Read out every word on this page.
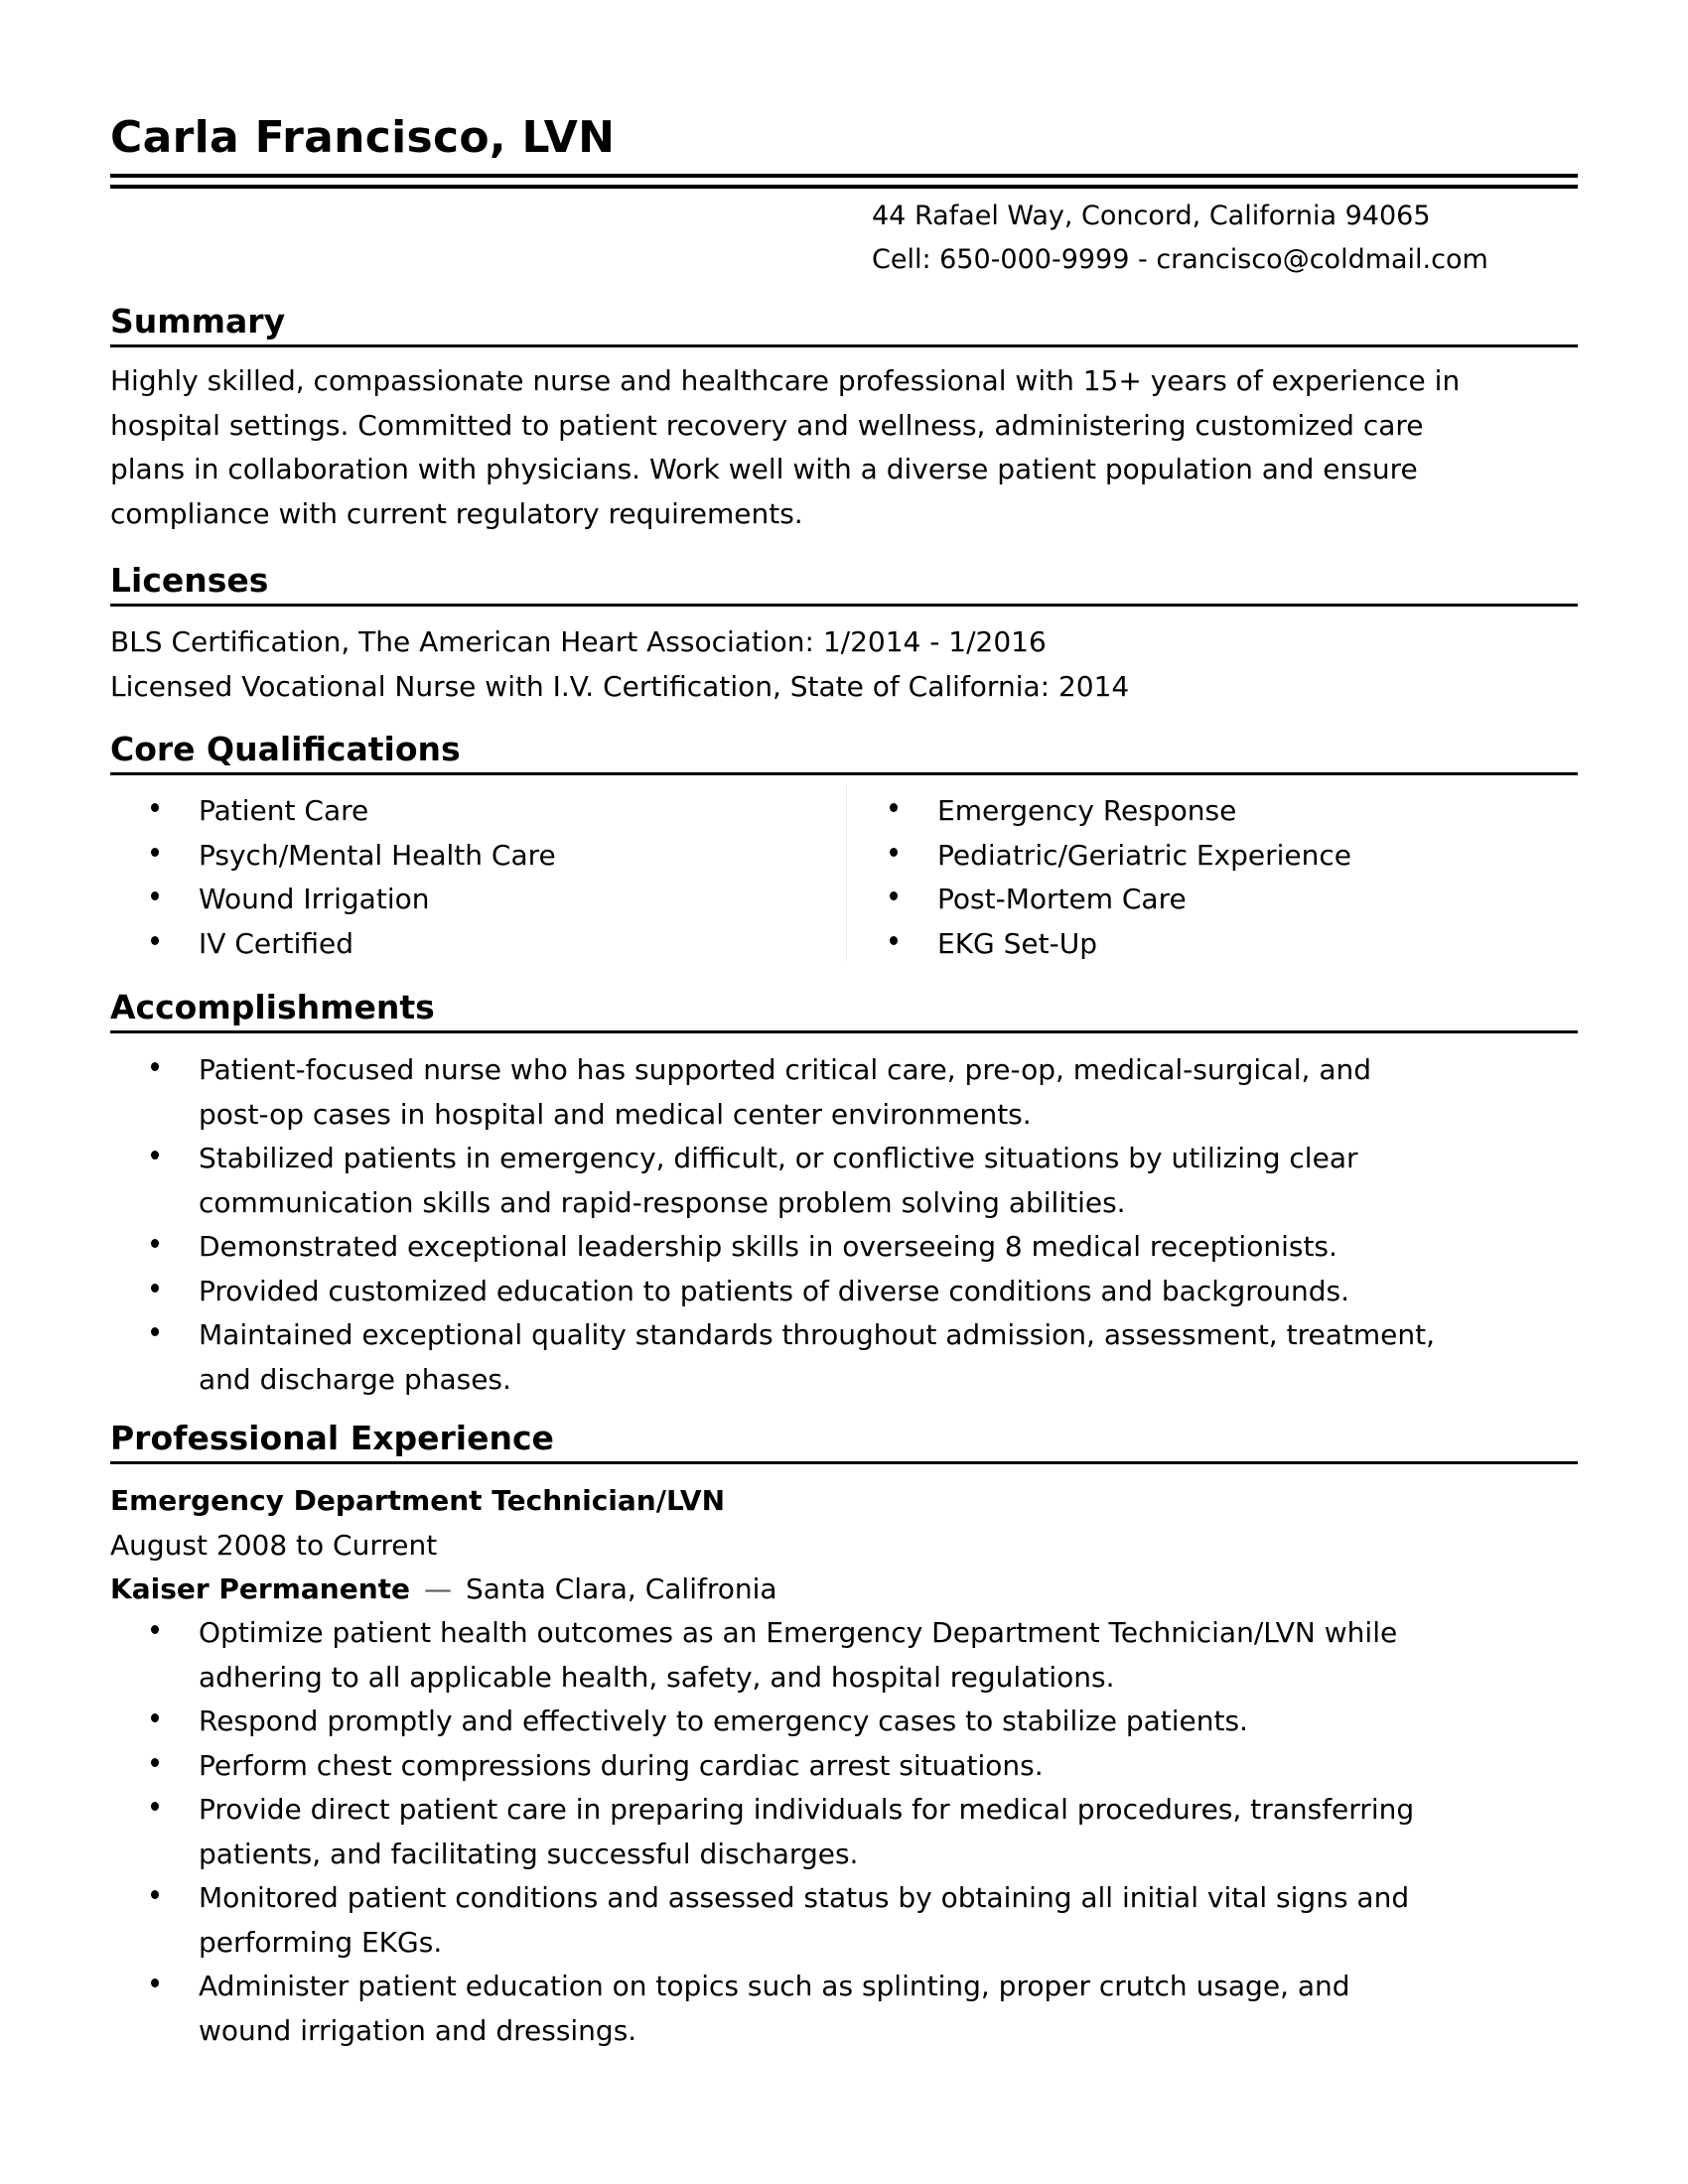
Carla Francisco, LVN
44 Rafael Way, Concord, California 94065
Cell: 650-000-9999 - crancisco@coldmail.com
Summary
Highly skilled, compassionate nurse and healthcare professional with 15+ years of experience in
hospital settings. Committed to patient recovery and wellness, administering customized care
plans in collaboration with physicians. Work well with a diverse patient population and ensure
compliance with current regulatory requirements.
Licenses
BLS Certification, The American Heart Association: 1/2014 - 1/2016
Licensed Vocational Nurse with I.V. Certification, State of California: 2014
Core Qualifications
Patient Care
Psych/Mental Health Care
Wound Irrigation
IV Certified
Emergency Response
Pediatric/Geriatric Experience
Post-Mortem Care
EKG Set-Up
Accomplishments
Patient-focused nurse who has supported critical care, pre-op, medical-surgical, and
post-op cases in hospital and medical center environments.
Stabilized patients in emergency, difficult, or conflictive situations by utilizing clear
communication skills and rapid-response problem solving abilities.
Demonstrated exceptional leadership skills in overseeing 8 medical receptionists.
Provided customized education to patients of diverse conditions and backgrounds.
Maintained exceptional quality standards throughout admission, assessment, treatment,
and discharge phases.
Professional Experience
Emergency Department Technician/LVN
August 2008 to Current
Kaiser Permanente — Santa Clara, Califronia
Optimize patient health outcomes as an Emergency Department Technician/LVN while
adhering to all applicable health, safety, and hospital regulations.
Respond promptly and effectively to emergency cases to stabilize patients.
Perform chest compressions during cardiac arrest situations.
Provide direct patient care in preparing individuals for medical procedures, transferring
patients, and facilitating successful discharges.
Monitored patient conditions and assessed status by obtaining all initial vital signs and
performing EKGs.
Administer patient education on topics such as splinting, proper crutch usage, and
wound irrigation and dressings.
